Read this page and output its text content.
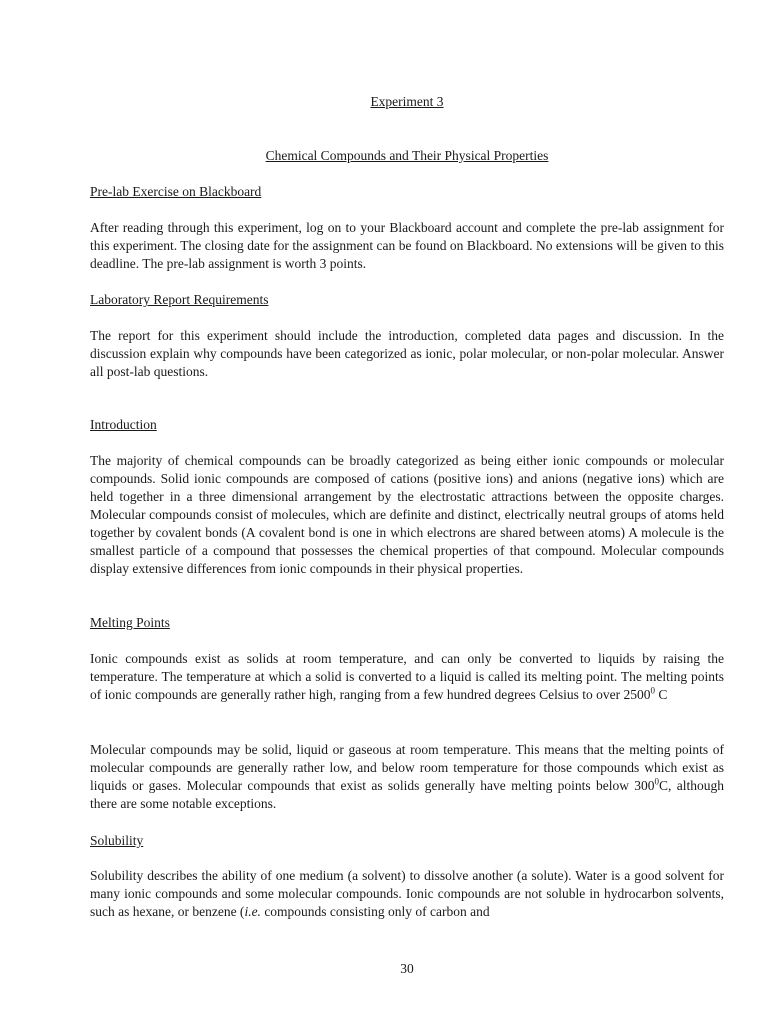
Experiment 3
Chemical Compounds and Their Physical Properties
Pre-lab Exercise on Blackboard
After reading through this experiment, log on to your Blackboard account and complete the pre-lab assignment for this experiment. The closing date for the assignment can be found on Blackboard. No extensions will be given to this deadline. The pre-lab assignment is worth 3 points.
Laboratory Report Requirements
The report for this experiment should include the introduction, completed data pages and discussion. In the discussion explain why compounds have been categorized as ionic, polar molecular, or non-polar molecular. Answer all post-lab questions.
Introduction
The majority of chemical compounds can be broadly categorized as being either ionic compounds or molecular compounds. Solid ionic compounds are composed of cations (positive ions) and anions (negative ions) which are held together in a three dimensional arrangement by the electrostatic attractions between the opposite charges. Molecular compounds consist of molecules, which are definite and distinct, electrically neutral groups of atoms held together by covalent bonds (A covalent bond is one in which electrons are shared between atoms) A molecule is the smallest particle of a compound that possesses the chemical properties of that compound. Molecular compounds display extensive differences from ionic compounds in their physical properties.
Melting Points
Ionic compounds exist as solids at room temperature, and can only be converted to liquids by raising the temperature. The temperature at which a solid is converted to a liquid is called its melting point. The melting points of ionic compounds are generally rather high, ranging from a few hundred degrees Celsius to over 2500$^0$ C
Molecular compounds may be solid, liquid or gaseous at room temperature. This means that the melting points of molecular compounds are generally rather low, and below room temperature for those compounds which exist as liquids or gases. Molecular compounds that exist as solids generally have melting points below $300^0C$, although there are some notable exceptions.
Solubility
Solubility describes the ability of one medium (a solvent) to dissolve another (a solute). Water is a good solvent for many ionic compounds and some molecular compounds. Ionic compounds are not soluble in hydrocarbon solvents, such as hexane, or benzene (i.e. compounds consisting only of carbon and
30
